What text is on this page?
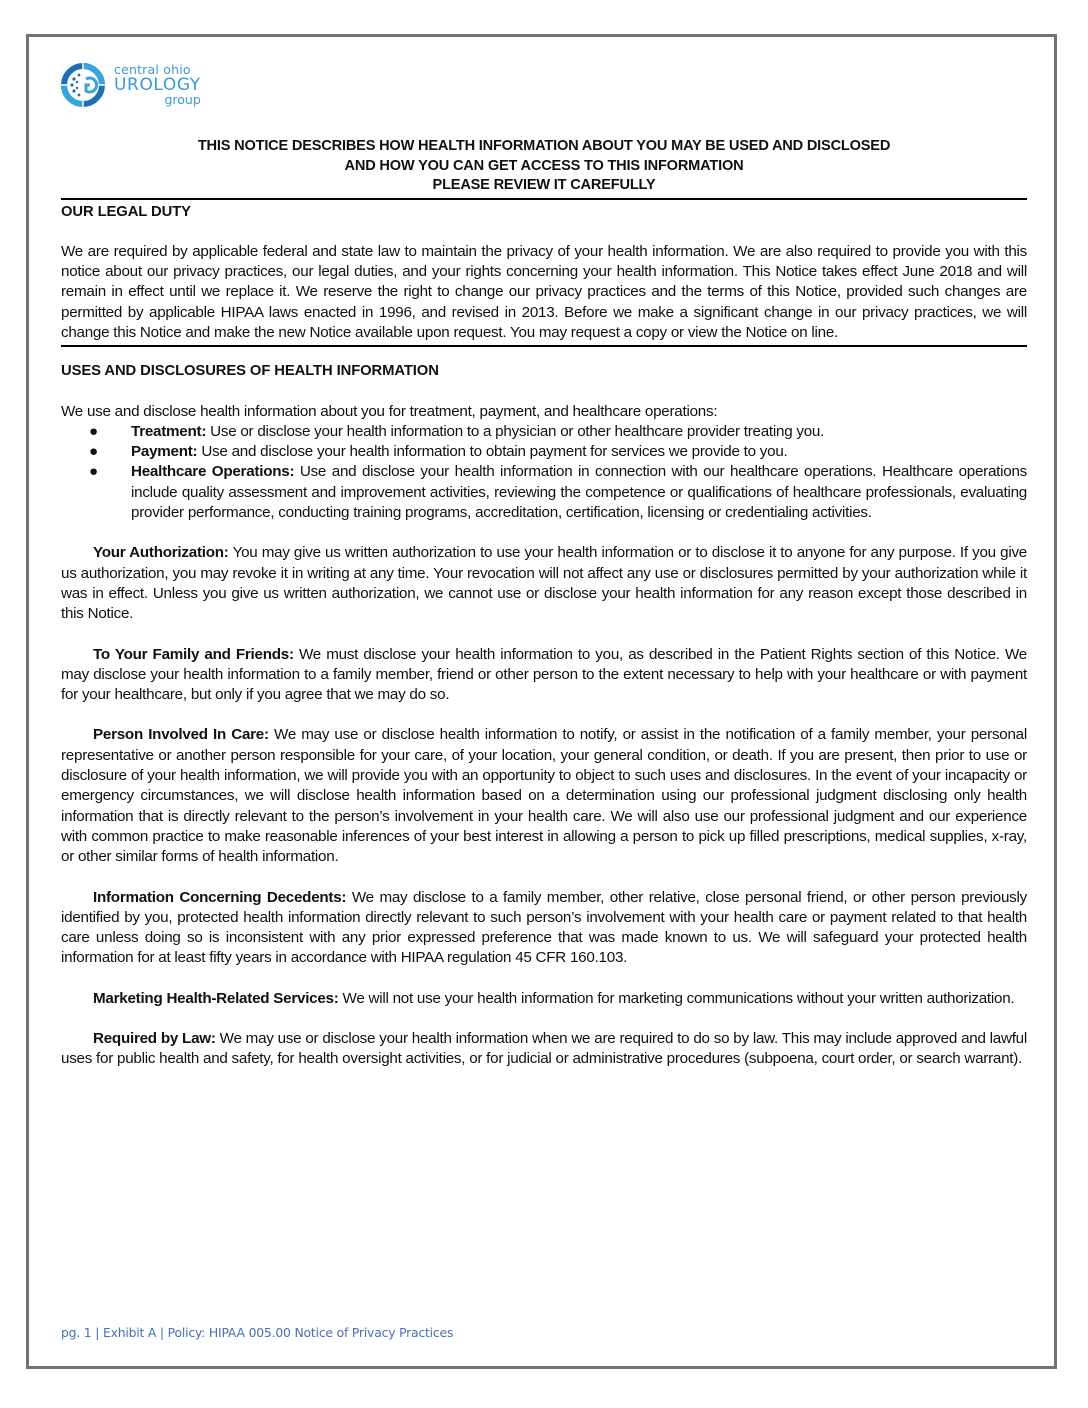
central ohio
UROLOGY
group
THIS NOTICE DESCRIBES HOW HEALTH INFORMATION ABOUT YOU MAY BE USED AND DISCLOSED
AND HOW YOU CAN GET ACCESS TO THIS INFORMATION
PLEASE REVIEW IT CAREFULLY
OUR LEGAL DUTY
We are required by applicable federal and state law to maintain the privacy of your health information. We are also required to provide you with this notice about our privacy practices, our legal duties, and your rights concerning your health information. This Notice takes effect June 2018 and will remain in effect until we replace it. We reserve the right to change our privacy practices and the terms of this Notice, provided such changes are permitted by applicable HIPAA laws enacted in 1996, and revised in 2013. Before we make a significant change in our privacy practices, we will change this Notice and make the new Notice available upon request. You may request a copy or view the Notice on line.
USES AND DISCLOSURES OF HEALTH INFORMATION
We use and disclose health information about you for treatment, payment, and healthcare operations:
● Treatment: Use or disclose your health information to a physician or other healthcare provider treating you.
● Payment: Use and disclose your health information to obtain payment for services we provide to you.
● Healthcare Operations: Use and disclose your health information in connection with our healthcare operations. Healthcare operations include quality assessment and improvement activities, reviewing the competence or qualifications of healthcare professionals, evaluating provider performance, conducting training programs, accreditation, certification, licensing or credentialing activities.
Your Authorization: You may give us written authorization to use your health information or to disclose it to anyone for any purpose. If you give us authorization, you may revoke it in writing at any time. Your revocation will not affect any use or disclosures permitted by your authorization while it was in effect. Unless you give us written authorization, we cannot use or disclose your health information for any reason except those described in this Notice.
To Your Family and Friends: We must disclose your health information to you, as described in the Patient Rights section of this Notice. We may disclose your health information to a family member, friend or other person to the extent necessary to help with your healthcare or with payment for your healthcare, but only if you agree that we may do so.
Person Involved In Care: We may use or disclose health information to notify, or assist in the notification of a family member, your personal representative or another person responsible for your care, of your location, your general condition, or death. If you are present, then prior to use or disclosure of your health information, we will provide you with an opportunity to object to such uses and disclosures. In the event of your incapacity or emergency circumstances, we will disclose health information based on a determination using our professional judgment disclosing only health information that is directly relevant to the person’s involvement in your health care. We will also use our professional judgment and our experience with common practice to make reasonable inferences of your best interest in allowing a person to pick up filled prescriptions, medical supplies, x-ray, or other similar forms of health information.
Information Concerning Decedents: We may disclose to a family member, other relative, close personal friend, or other person previously identified by you, protected health information directly relevant to such person’s involvement with your health care or payment related to that health care unless doing so is inconsistent with any prior expressed preference that was made known to us. We will safeguard your protected health information for at least fifty years in accordance with HIPAA regulation 45 CFR 160.103.
Marketing Health-Related Services: We will not use your health information for marketing communications without your written authorization.
Required by Law: We may use or disclose your health information when we are required to do so by law. This may include approved and lawful uses for public health and safety, for health oversight activities, or for judicial or administrative procedures (subpoena, court order, or search warrant).
pg. 1 | Exhibit A | Policy: HIPAA 005.00 Notice of Privacy Practices
